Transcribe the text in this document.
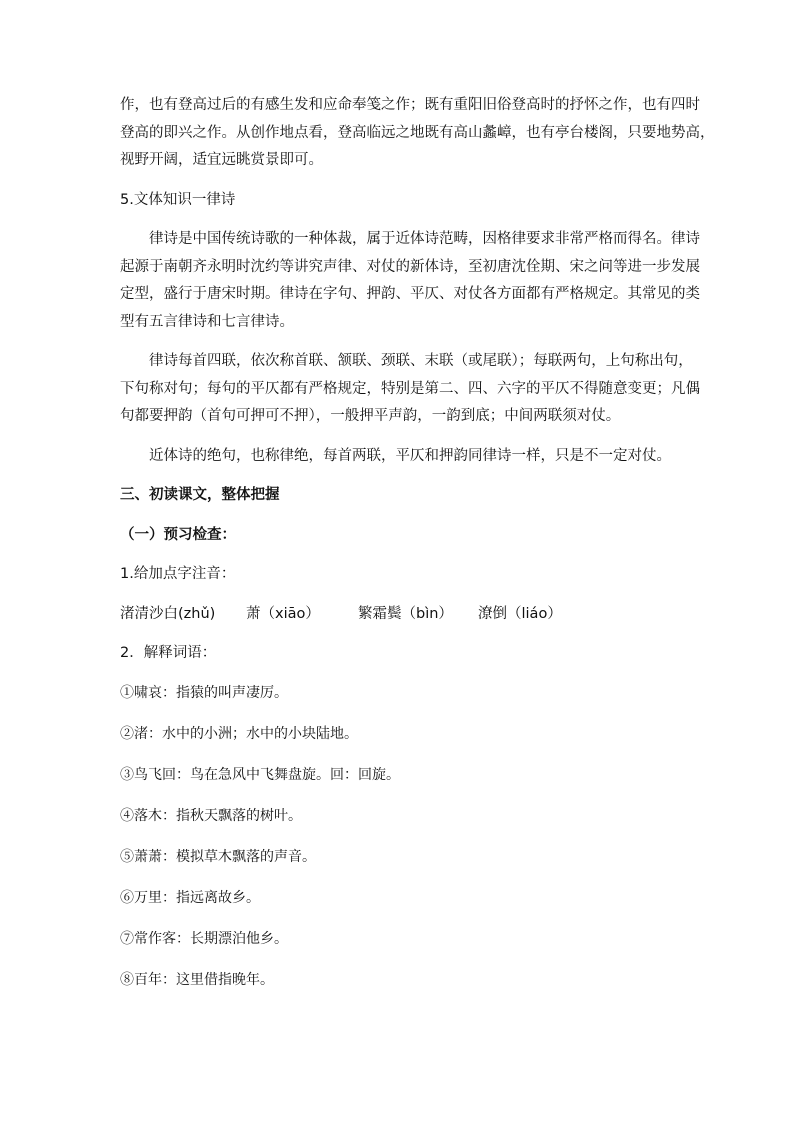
作，也有登高过后的有感生发和应命奉笺之作；既有重阳旧俗登高时的抒怀之作，也有四时

登高的即兴之作。从创作地点看，登高临远之地既有高山蠡嶂，也有亭台楼阁，只要地势高，

视野开阔，适宜远眺赏景即可。

5.文体知识一律诗

律诗是中国传统诗歌的一种体裁，属于近体诗范畴，因格律要求非常严格而得名。律诗

起源于南朝齐永明时沈约等讲究声律、对仗的新体诗，至初唐沈佺期、宋之问等进一步发展

定型，盛行于唐宋时期。律诗在字句、押韵、平仄、对仗各方面都有严格规定。其常见的类

型有五言律诗和七言律诗。

律诗每首四联，依次称首联、颔联、颈联、末联（或尾联）；每联两句，上句称出句，

下句称对句；每句的平仄都有严格规定，特别是第二、四、六字的平仄不得随意变更；凡偶

句都要押韵（首句可押可不押），一般押平声韵，一韵到底；中间两联须对仗。

近体诗的绝句，也称律绝，每首两联，平仄和押韵同律诗一样，只是不一定对仗。

三、初读课文，整体把握

（一）预习检查：

1.给加点字注音：

渚清沙白(zhǔ)	萧（xiāo）	繁霜鬓（bìn）	潦倒（liáo）

2．解释词语：

①啸哀：指猿的叫声凄厉。

②渚：水中的小洲；水中的小块陆地。

③鸟飞回：鸟在急风中飞舞盘旋。回：回旋。

④落木：指秋天飘落的树叶。

⑤萧萧：模拟草木飘落的声音。

⑥万里：指远离故乡。

⑦常作客：长期漂泊他乡。

⑧百年：这里借指晚年。
